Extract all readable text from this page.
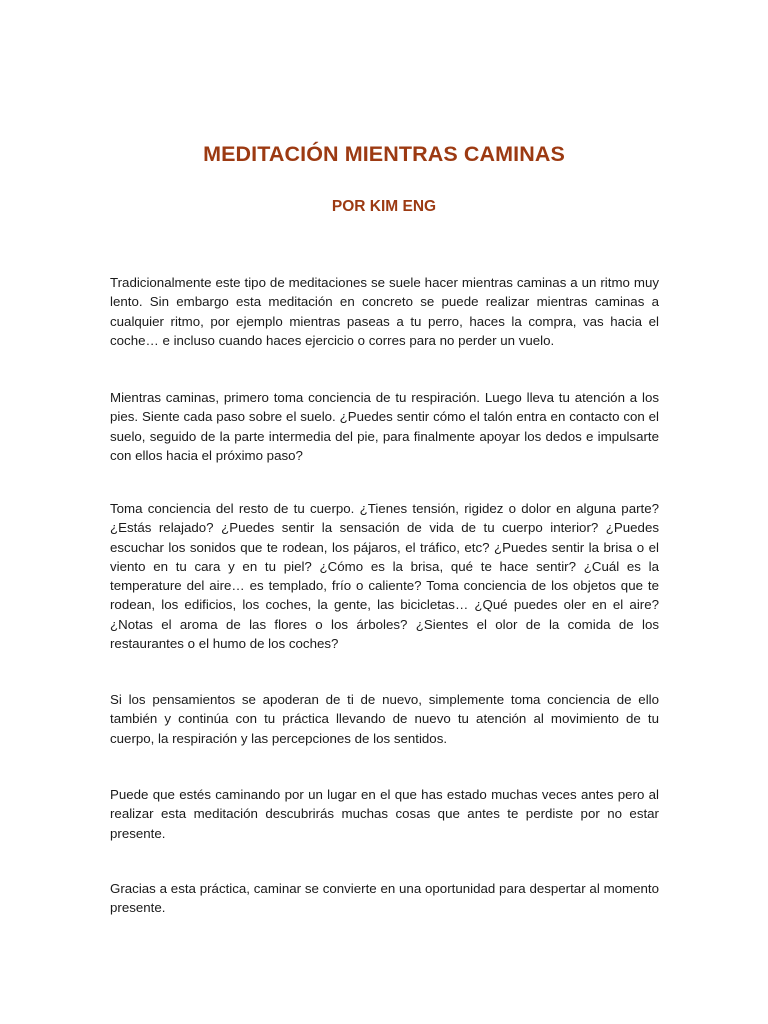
MEDITACIÓN MIENTRAS CAMINAS
POR KIM ENG

Tradicionalmente este tipo de meditaciones se suele hacer mientras caminas a un ritmo muy lento. Sin embargo esta meditación en concreto se puede realizar mientras caminas a cualquier ritmo, por ejemplo mientras paseas a tu perro, haces la compra, vas hacia el coche… e incluso cuando haces ejercicio o corres para no perder un vuelo.

Mientras caminas, primero toma conciencia de tu respiración. Luego lleva tu atención a los pies. Siente cada paso sobre el suelo. ¿Puedes sentir cómo el talón entra en contacto con el suelo, seguido de la parte intermedia del pie, para finalmente apoyar los dedos e impulsarte con ellos hacia el próximo paso?

Toma conciencia del resto de tu cuerpo. ¿Tienes tensión, rigidez o dolor en alguna parte? ¿Estás relajado? ¿Puedes sentir la sensación de vida de tu cuerpo interior? ¿Puedes escuchar los sonidos que te rodean, los pájaros, el tráfico, etc? ¿Puedes sentir la brisa o el viento en tu cara y en tu piel? ¿Cómo es la brisa, qué te hace sentir? ¿Cuál es la temperature del aire… es templado, frío o caliente? Toma conciencia de los objetos que te rodean, los edificios, los coches, la gente, las bicicletas… ¿Qué puedes oler en el aire? ¿Notas el aroma de las flores o los árboles? ¿Sientes el olor de la comida de los restaurantes o el humo de los coches?

Si los pensamientos se apoderan de ti de nuevo, simplemente toma conciencia de ello también y continúa con tu práctica llevando de nuevo tu atención al movimiento de tu cuerpo, la respiración y las percepciones de los sentidos.

Puede que estés caminando por un lugar en el que has estado muchas veces antes pero al realizar esta meditación descubrirás muchas cosas que antes te perdiste por no estar presente.

Gracias a esta práctica, caminar se convierte en una oportunidad para despertar al momento presente.
